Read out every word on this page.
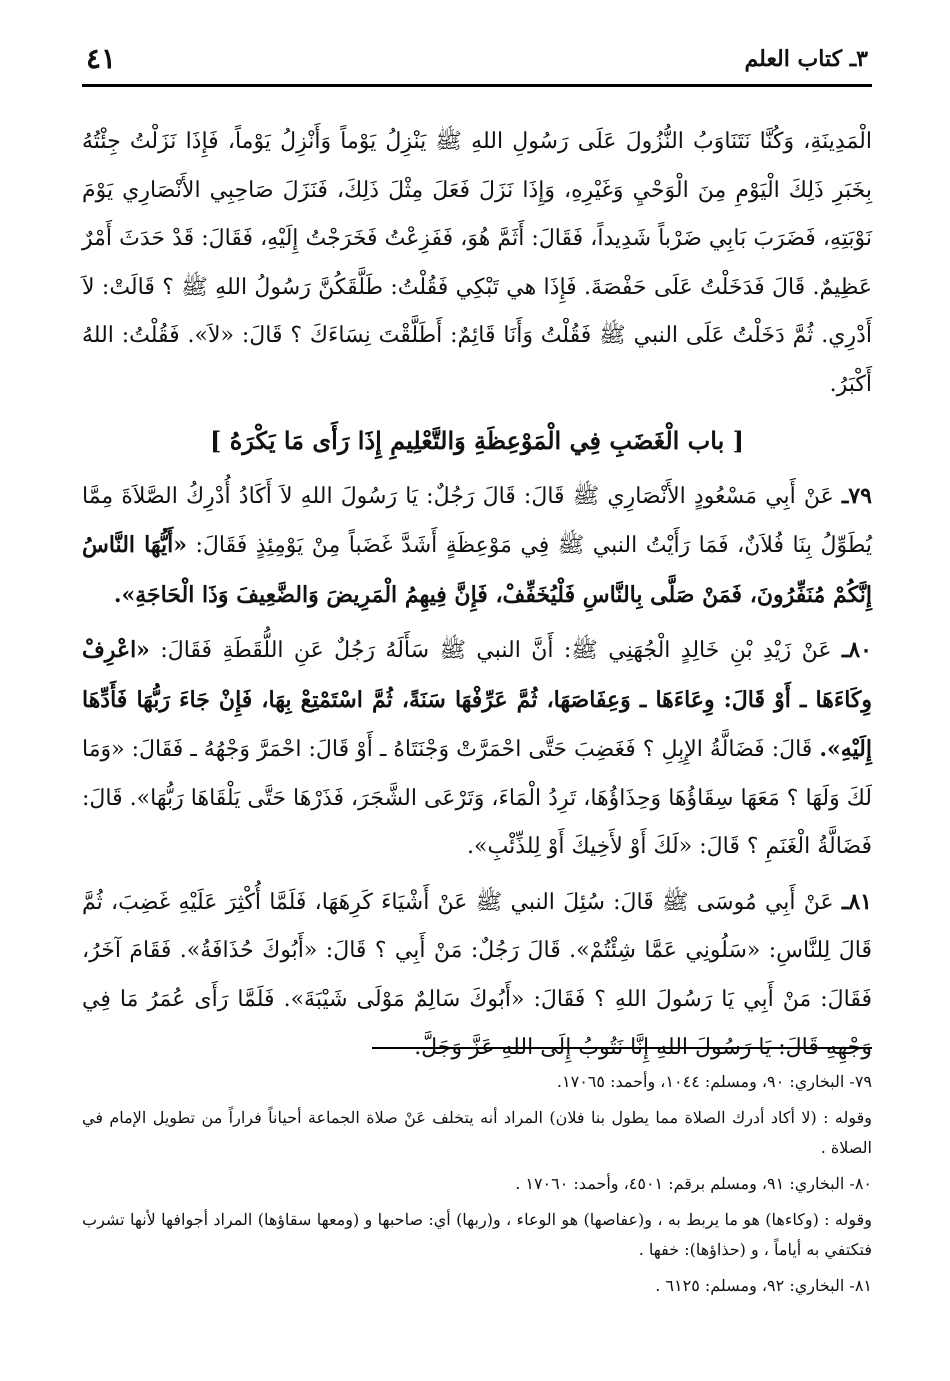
٣ـ كتاب العلم
٤١

الْمَدِينَةِ، وَكُنَّا نَتَنَاوَبُ النُّزُولَ عَلَى رَسُولِ اللهِ ﷺ يَنْزِلُ يَوْماً وَأَنْزِلُ يَوْماً، فَإِذَا نَزَلْتُ جِئْتُهُ بِخَبَرِ ذَلِكَ الْيَوْمِ مِنَ الْوَحْيِ وَغَيْرِهِ، وَإِذَا نَزَلَ فَعَلَ مِثْلَ ذَلِكَ، فَنَزَلَ صَاحِبِي الأَنْصَارِي يَوْمَ نَوْبَتِهِ، فَضَرَبَ بَابِي ضَرْباً شَدِيداً، فَقَالَ: أَثَمَّ هُوَ، فَفَزِعْتُ فَخَرَجْتُ إِلَيْهِ، فَقَالَ: قَدْ حَدَثَ أَمْرٌ عَظِيمٌ. قَالَ فَدَخَلْتُ عَلَى حَفْصَةَ. فَإِذَا هي تَبْكِي فَقُلْتُ: طَلَّقَكُنَّ رَسُولُ اللهِ ﷺ ؟ قَالَتْ: لاَ أَدْرِي. ثُمَّ دَخَلْتُ عَلَى النبي ﷺ فَقُلْتُ وَأَنَا قَائِمٌ: أَطَلَّقْتَ نِسَاءَكَ ؟ قَالَ: «لاَ». فَقُلْتُ: اللهُ أَكْبَرُ.

[ باب الْغَضَبِ فِي الْمَوْعِظَةِ وَالتَّعْلِيمِ إِذَا رَأَى مَا يَكْرَهُ ]

٧٩ـ عَنْ أَبِي مَسْعُودٍ الأَنْصَارِي ﷺ قَالَ: قَالَ رَجُلٌ: يَا رَسُولَ اللهِ لاَ أَكَادُ أُدْرِكُ الصَّلاَةَ مِمَّا يُطَوِّلُ بِنَا فُلاَنٌ، فَمَا رَأَيْتُ النبي ﷺ فِي مَوْعِظَةٍ أَشَدَّ غَضَباً مِنْ يَوْمِئِذٍ فَقَالَ: «أَيُّهَا النَّاسُ إِنَّكُمْ مُنَفِّرُونَ، فَمَنْ صَلَّى بِالنَّاسِ فَلْيُخَفِّفْ، فَإِنَّ فِيهِمُ الْمَرِيضَ وَالضَّعِيفَ وَذَا الْحَاجَةِ».

٨٠ـ عَنْ زَيْدِ بْنِ خَالِدٍ الْجُهَنِي ﷺ: أَنَّ النبي ﷺ سَأَلَهُ رَجُلٌ عَنِ اللُّقَطَةِ فَقَالَ: «اعْرِفْ وِكَاءَهَا ـ أَوْ قَالَ: وِعَاءَهَا ـ وَعِفَاصَهَا، ثُمَّ عَرِّفْهَا سَنَةً، ثُمَّ اسْتَمْتِعْ بِهَا، فَإِنْ جَاءَ رَبُّهَا فَأَدِّهَا إِلَيْهِ». قَالَ: فَضَالَّةُ الإِبِلِ ؟ فَغَضِبَ حَتَّى احْمَرَّتْ وَجْنَتَاهُ ـ أَوْ قَالَ: احْمَرَّ وَجْهُهُ ـ فَقَالَ: «وَمَا لَكَ وَلَهَا ؟ مَعَهَا سِقَاؤُهَا وَحِذَاؤُهَا، تَرِدُ الْمَاءَ، وَتَرْعَى الشَّجَرَ، فَذَرْهَا حَتَّى يَلْقَاهَا رَبُّهَا». قَالَ: فَضَالَّةُ الْغَنَمِ ؟ قَالَ: «لَكَ أَوْ لأَخِيكَ أَوْ لِلذِّئْبِ».

٨١ـ عَنْ أَبِي مُوسَى ﷺ قَالَ: سُئِلَ النبي ﷺ عَنْ أَشْيَاءَ كَرِهَهَا، فَلَمَّا أُكْثِرَ عَلَيْهِ غَضِبَ، ثُمَّ قَالَ لِلنَّاسِ: «سَلُونِي عَمَّا شِئْتُمْ». قَالَ رَجُلٌ: مَنْ أَبِي ؟ قَالَ: «أَبُوكَ حُذَافَةُ». فَقَامَ آخَرُ، فَقَالَ: مَنْ أَبِي يَا رَسُولَ اللهِ ؟ فَقَالَ: «أَبُوكَ سَالِمٌ مَوْلَى شَيْبَةَ». فَلَمَّا رَأَى عُمَرُ مَا فِي وَجْهِهِ قَالَ: يَا رَسُولَ اللهِ إِنَّا نَتُوبُ إِلَى اللهِ عَزَّ وَجَلَّ.

٧٩- البخاري: ٩٠، ومسلم: ١٠٤٤، وأحمد: ١٧٠٦٥.

وقوله : (لا أكاد أدرك الصلاة مما يطول بنا فلان) المراد أنه يتخلف عَنْ صلاة الجماعة أحياناً فراراً من تطويل الإمام في الصلاة .

٨٠- البخاري: ٩١، ومسلم برقم: ٤٥٠١، وأحمد: ١٧٠٦٠ .

وقوله : (وكاءها) هو ما يربط به ، و(عفاصها) هو الوعاء ، و(ربها) أي: صاحبها و (ومعها سقاؤها) المراد أجوافها لأنها تشرب فتكتفي به أياماً ، و (حذاؤها): خفها .

٨١- البخاري: ٩٢، ومسلم: ٦١٢٥ .
